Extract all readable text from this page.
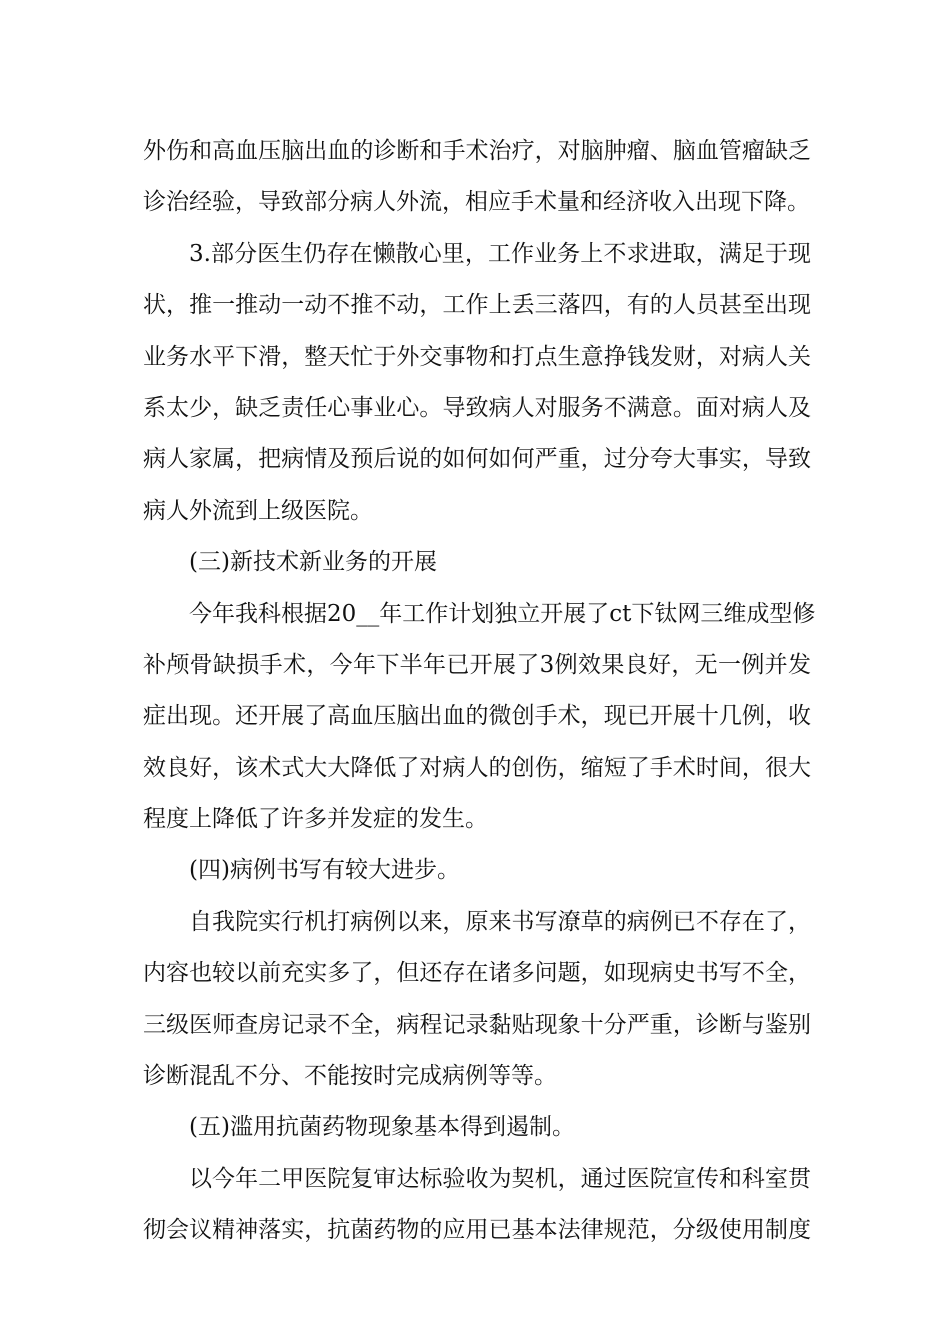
外伤和高血压脑出血的诊断和手术治疗，对脑肿瘤、脑血管瘤缺乏
诊治经验，导致部分病人外流，相应手术量和经济收入出现下降。
3.部分医生仍存在懒散心里，工作业务上不求进取，满足于现
状，推一推动一动不推不动，工作上丢三落四，有的人员甚至出现
业务水平下滑，整天忙于外交事物和打点生意挣钱发财，对病人关
系太少，缺乏责任心事业心。导致病人对服务不满意。面对病人及
病人家属，把病情及预后说的如何如何严重，过分夸大事实，导致
病人外流到上级医院。
(三)新技术新业务的开展
今年我科根据20__年工作计划独立开展了ct下钛网三维成型修
补颅骨缺损手术，今年下半年已开展了3例效果良好，无一例并发
症出现。还开展了高血压脑出血的微创手术，现已开展十几例，收
效良好，该术式大大降低了对病人的创伤，缩短了手术时间，很大
程度上降低了许多并发症的发生。
(四)病例书写有较大进步。
自我院实行机打病例以来，原来书写潦草的病例已不存在了，
内容也较以前充实多了，但还存在诸多问题，如现病史书写不全，
三级医师查房记录不全，病程记录黏贴现象十分严重，诊断与鉴别
诊断混乱不分、不能按时完成病例等等。
(五)滥用抗菌药物现象基本得到遏制。
以今年二甲医院复审达标验收为契机，通过医院宣传和科室贯
彻会议精神落实，抗菌药物的应用已基本法律规范，分级使用制度
